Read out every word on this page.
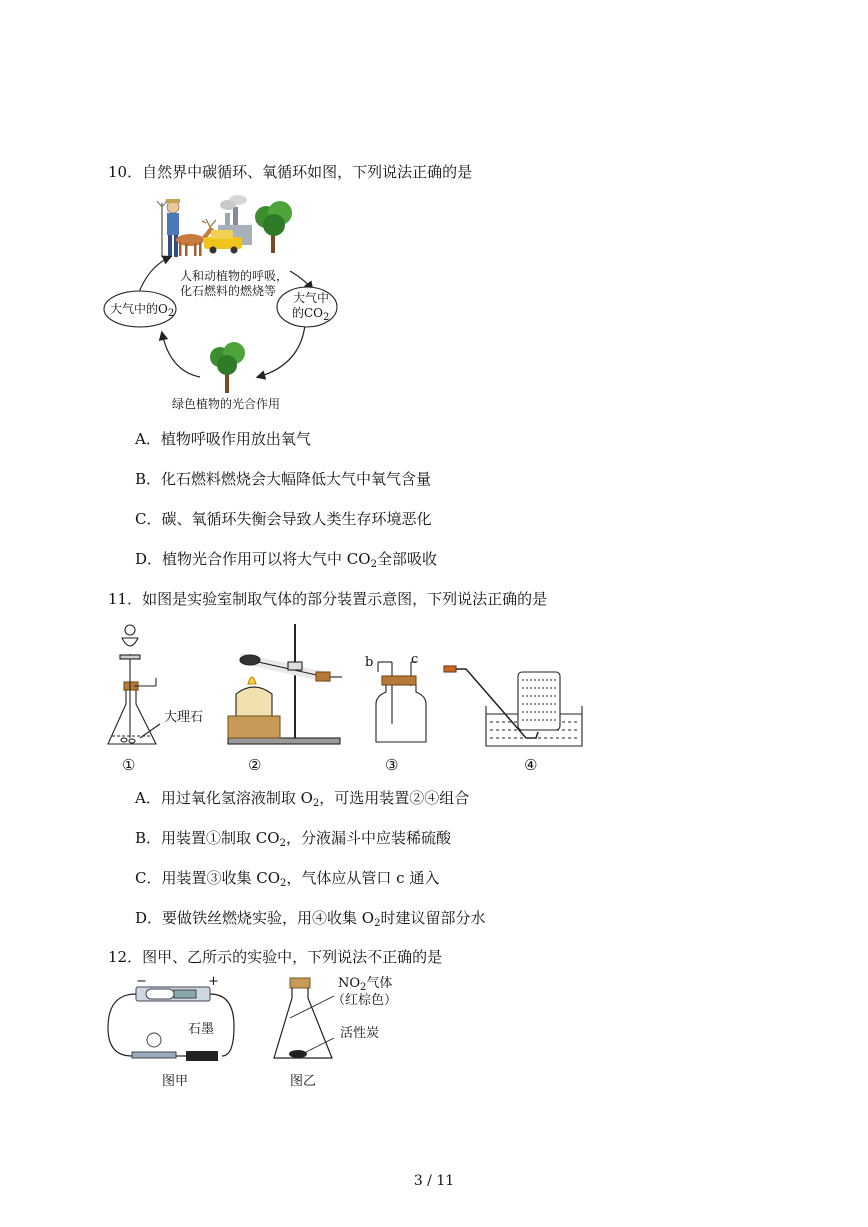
10．自然界中碳循环、氧循环如图，下列说法正确的是
人和动植物的呼吸，
化石燃料的燃烧等
大气中的$O_2$
大气中
的$CO_2$
绿色植物的光合作用
A．植物呼吸作用放出氧气
B．化石燃料燃烧会大幅降低大气中氧气含量
C．碳、氧循环失衡会导致人类生存环境恶化
D．植物光合作用可以将大气中 $CO_2$全部吸收
11．如图是实验室制取气体的部分装置示意图，下列说法正确的是
大理石
b	c
①	②	③	④
A．用过氧化氢溶液制取 $O_2$，可选用装置②④组合
B．用装置①制取 $CO_2$，分液漏斗中应装稀硫酸
C．用装置③收集 $CO_2$，气体应从管口 c 通入
D．要做铁丝燃烧实验，用④收集 $O_2$时建议留部分水
12．图甲、乙所示的实验中，下列说法不正确的是
−	+
石墨
图甲
$NO_2$气体
（红棕色）
活性炭
图乙
3 / 11
